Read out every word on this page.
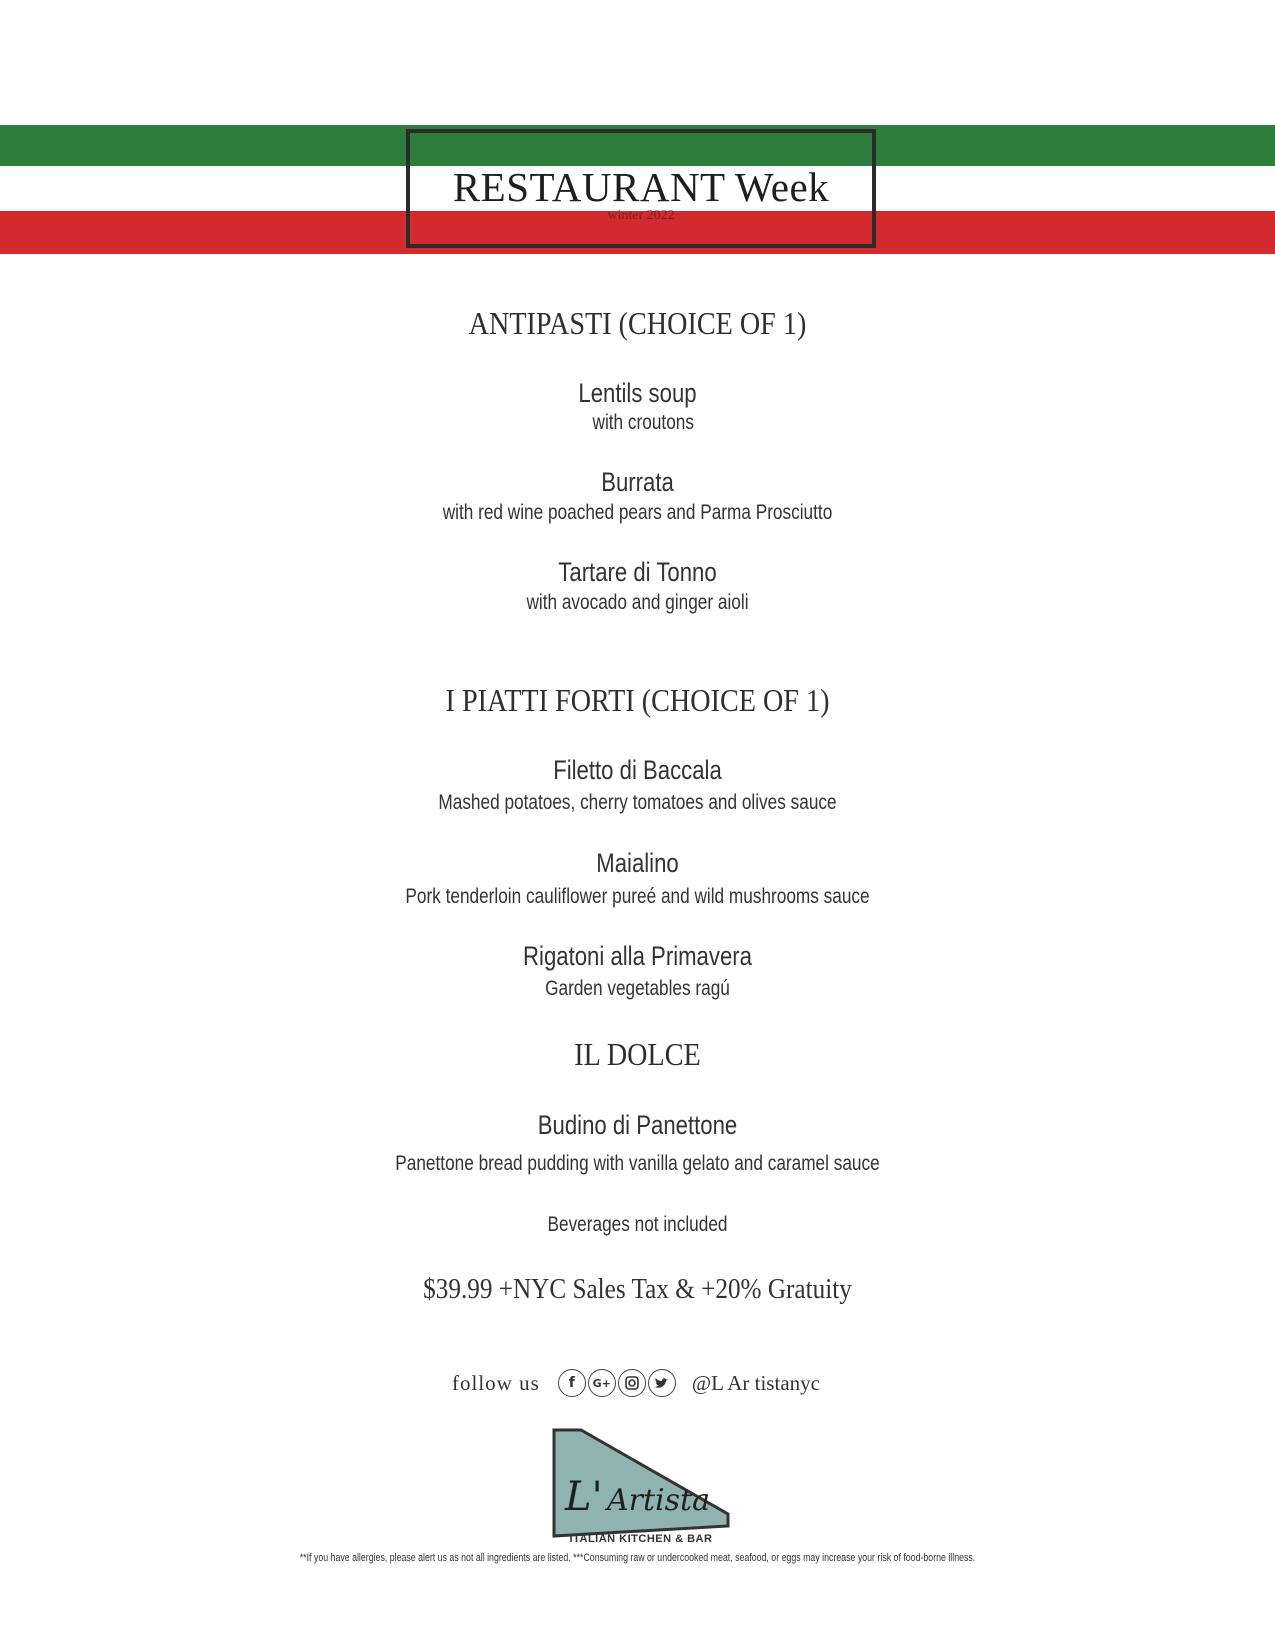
RESTAURANT Week
winter 2022
ANTIPASTI (CHOICE OF 1)
Lentils soup
with croutons
Burrata
with red wine poached pears and Parma Prosciutto
Tartare di Tonno
with avocado and ginger aioli
I PIATTI FORTI (CHOICE OF 1)
Filetto di Baccala
Mashed potatoes, cherry tomatoes and olives sauce
Maialino
Pork tenderloin cauliflower pureé and wild mushrooms sauce
Rigatoni alla Primavera
Garden vegetables ragú
IL DOLCE
Budino di Panettone
Panettone bread pudding with vanilla gelato and caramel sauce
Beverages not included
$39.99 +NYC Sales Tax & +20% Gratuity
follow us	f	G+	@L Ar tistanyc
L' Artista
ITALIAN KITCHEN & BAR
**If you have allergies, please alert us as not all ingredients are listed. ***Consuming raw or undercooked meat, seafood, or eggs may increase your risk of food-borne illness.
